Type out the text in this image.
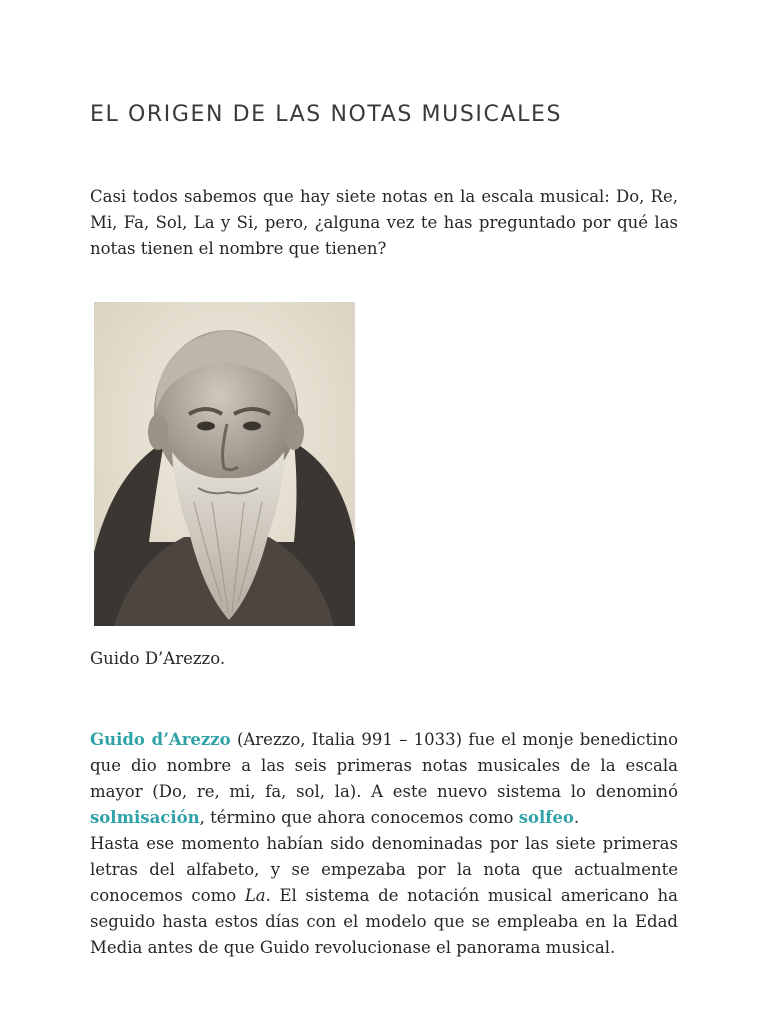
EL ORIGEN DE LAS NOTAS MUSICALES

Casi todos sabemos que hay siete notas en la escala musical: Do, Re, Mi, Fa, Sol, La y Si, pero, ¿alguna vez te has preguntado por qué las notas tienen el nombre que tienen?

Guido D’Arezzo.

Guido d’Arezzo (Arezzo, Italia 991 – 1033) fue el monje benedictino que dio nombre a las seis primeras notas musicales de la escala mayor (Do, re, mi, fa, sol, la). A este nuevo sistema lo denominó solmisación, término que ahora conocemos como solfeo.
Hasta ese momento habían sido denominadas por las siete primeras letras del alfabeto, y se empezaba por la nota que actualmente conocemos como La. El sistema de notación musical americano ha seguido hasta estos días con el modelo que se empleaba en la Edad Media antes de que Guido revolucionase el panorama musical.
